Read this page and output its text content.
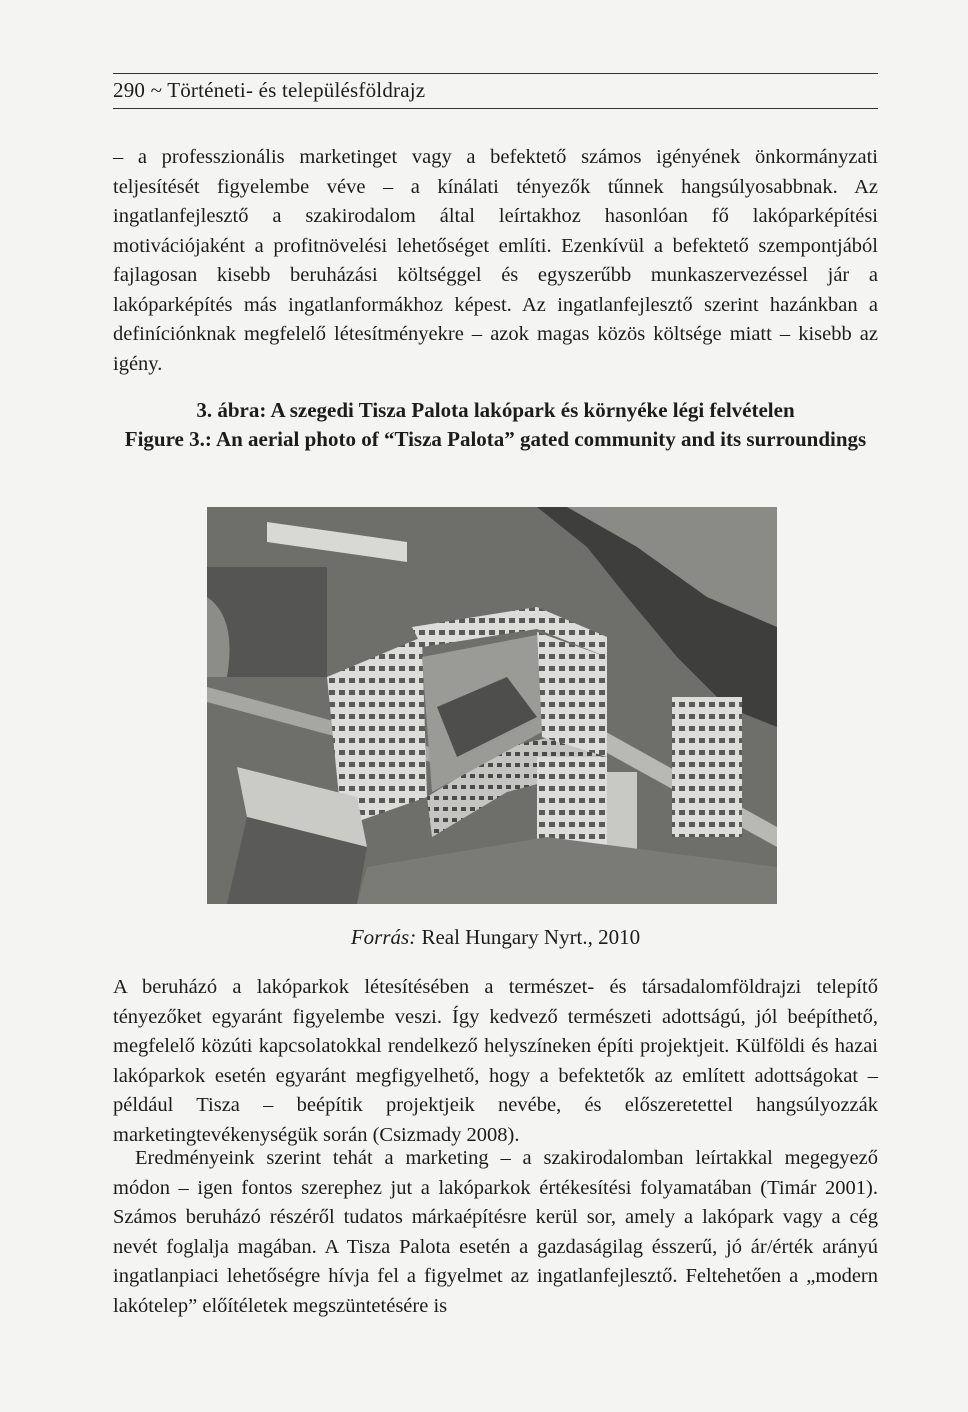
290 ~ Történeti- és településföldrajz

– a professzionális marketinget vagy a befektető számos igényének önkormányzati teljesítését figyelembe véve – a kínálati tényezők tűnnek hangsúlyosabbnak. Az ingatlanfejlesztő a szakirodalom által leírtakhoz hasonlóan fő lakóparképítési motivációjaként a profitnövelési lehetőséget említi. Ezenkívül a befektető szempontjából fajlagosan kisebb beruházási költséggel és egyszerűbb munkaszervezéssel jár a lakóparképítés más ingatlanformákhoz képest. Az ingatlanfejlesztő szerint hazánkban a definíciónknak megfelelő létesítményekre – azok magas közös költsége miatt – kisebb az igény.

3. ábra: A szegedi Tisza Palota lakópark és környéke légi felvételen
Figure 3.: An aerial photo of “Tisza Palota” gated community and its surroundings
Forrás: Real Hungary Nyrt., 2010

A beruházó a lakóparkok létesítésében a természet- és társadalomföldrajzi telepítő tényezőket egyaránt figyelembe veszi. Így kedvező természeti adottságú, jól beépíthető, megfelelő közúti kapcsolatokkal rendelkező helyszíneken építi projektjeit. Külföldi és hazai lakóparkok esetén egyaránt megfigyelhető, hogy a befektetők az említett adottságokat – például Tisza – beépítik projektjeik nevébe, és előszeretettel hangsúlyozzák marketingtevékenységük során (Csizmady 2008).

Eredményeink szerint tehát a marketing – a szakirodalomban leírtakkal megegyező módon – igen fontos szerephez jut a lakóparkok értékesítési folyamatában (Timár 2001). Számos beruházó részéről tudatos márkaépítésre kerül sor, amely a lakópark vagy a cég nevét foglalja magában. A Tisza Palota esetén a gazdaságilag ésszerű, jó ár/érték arányú ingatlanpiaci lehetőségre hívja fel a figyelmet az ingatlanfejlesztő. Feltehetően a „modern lakótelep” előítéletek megszüntetésére is
